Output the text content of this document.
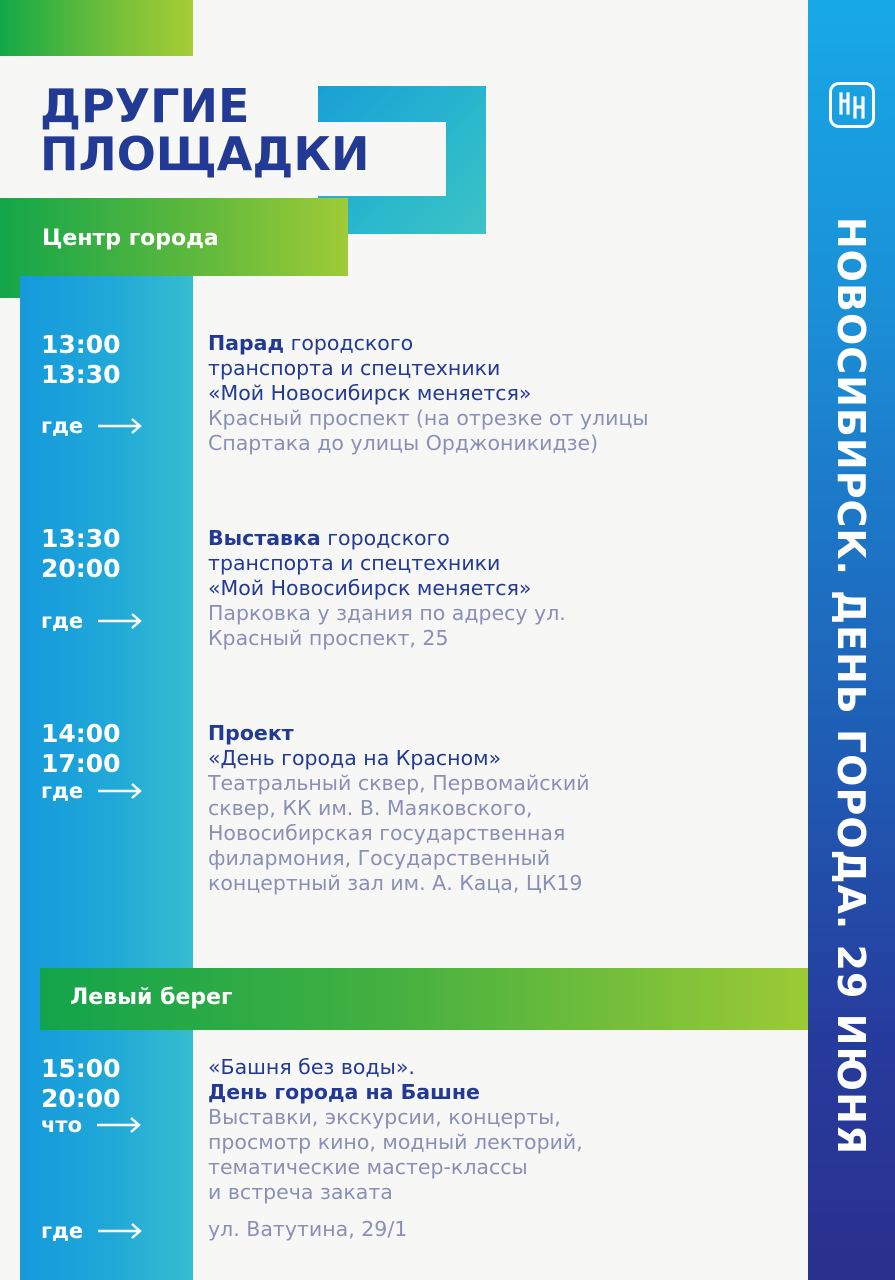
НОВОСИБИРСК. ДЕНЬ ГОРОДА. 29 ИЮНЯ
ДРУГИЕ
ПЛОЩАДКИ
Центр города
Левый берег
13:00
13:30
где
Парад городского
транспорта и спецтехники
«Мой Новосибирск меняется»
Красный проспект (на отрезке от улицы
Спартака до улицы Орджоникидзе)
13:30
20:00
где
Выставка городского
транспорта и спецтехники
«Мой Новосибирск меняется»
Парковка у здания по адресу ул.
Красный проспект, 25
14:00
17:00
где
Проект
«День города на Красном»
Театральный сквер, Первомайский
сквер, КК им. В. Маяковского,
Новосибирская государственная
филармония, Государственный
концертный зал им. А. Каца, ЦК19
15:00
20:00
что
где
«Башня без воды».
День города на Башне
Выставки, экскурсии, концерты,
просмотр кино, модный лекторий,
тематические мастер-классы
и встреча заката
ул. Ватутина, 29/1
